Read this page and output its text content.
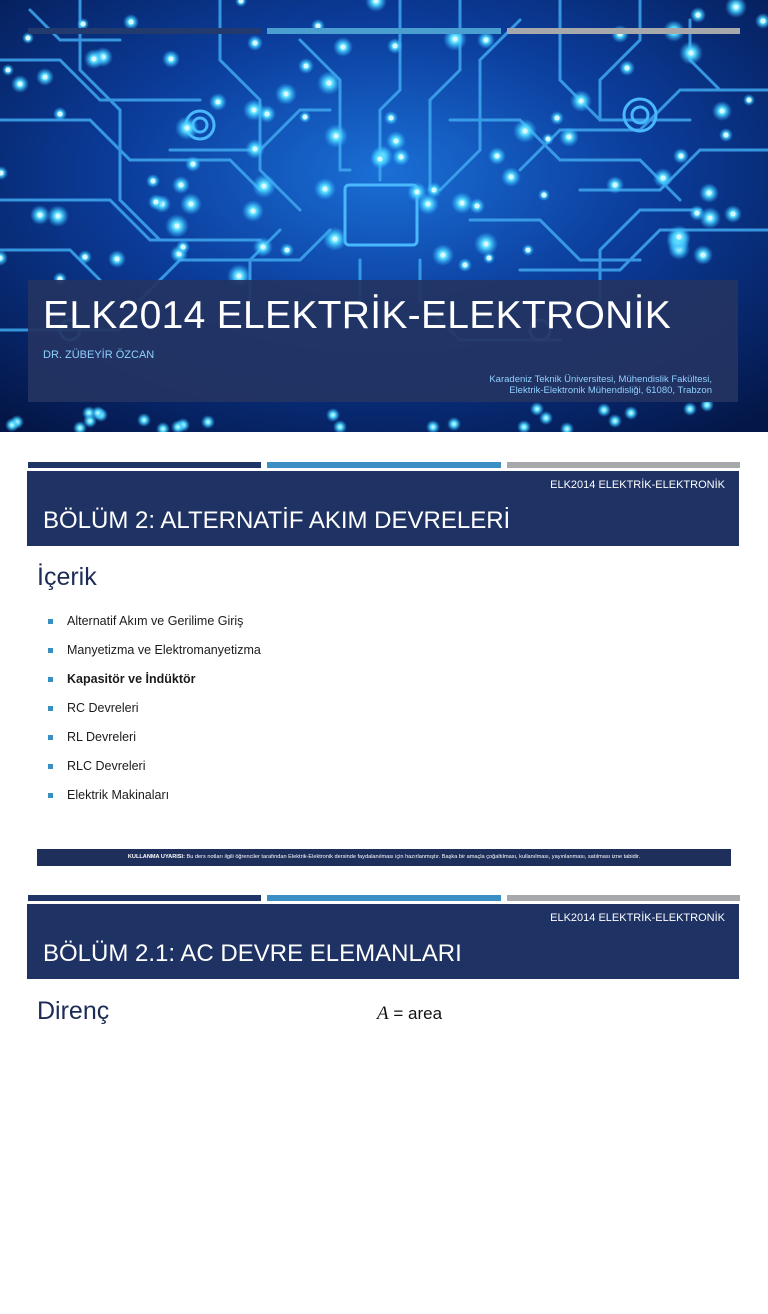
ELK2014 ELEKTRİK-ELEKTRONİK
DR. ZÜBEYİR ÖZCAN
Karadeniz Teknik Üniversitesi, Mühendislik Fakültesi,
Elektrik-Elektronik Mühendisliği, 61080, Trabzon
ELK2014 ELEKTRİK-ELEKTRONİK
BÖLÜM 2: ALTERNATİF AKIM DEVRELERİ
İçerik
Alternatif Akım ve Gerilime Giriş
Manyetizma ve Elektromanyetizma
Kapasitör ve İndüktör
RC Devreleri
RL Devreleri
RLC Devreleri
Elektrik Makinaları
KULLANMA UYARISI: Bu ders notları ilgili öğrenciler tarafından Elektrik-Elektronik dersinde faydalanılması için hazırlanmıştır. Başka bir amaçla çoğaltılması, kullanılması, yayınlanması, satılması izne tabidir.
ELK2014 ELEKTRİK-ELEKTRONİK
BÖLÜM 2.1: AC DEVRE ELEMANLARI
Direnç	A = area
